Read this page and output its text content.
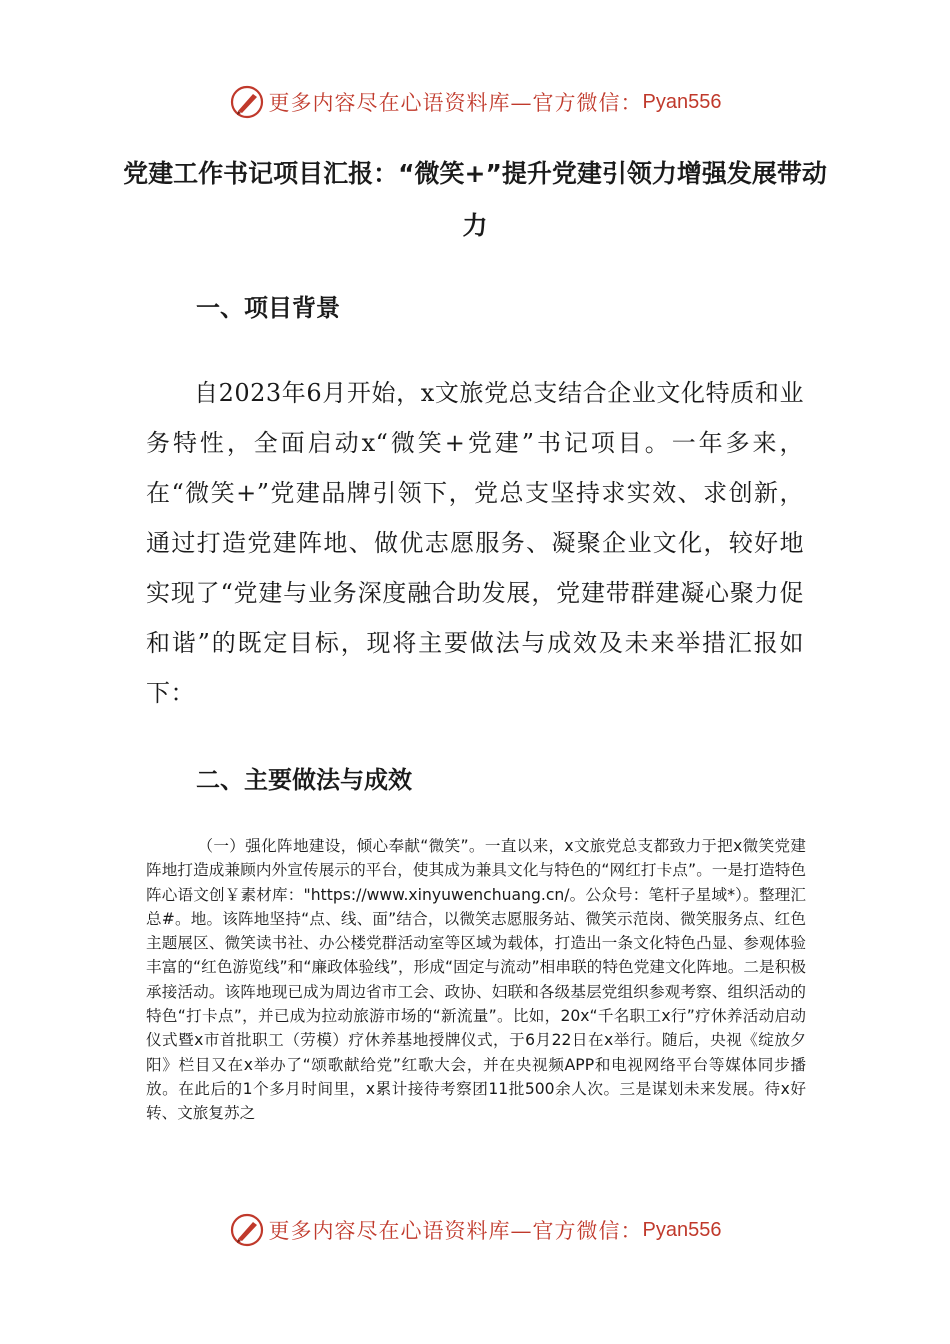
更多内容尽在心语资料库—官方微信： Pyan556
党建工作书记项目汇报：“微笑+”提升党建引领力增强发展带动力
一、项目背景

自2023年6月开始，x文旅党总支结合企业文化特质和业务特性，全面启动x“微笑+党建”书记项目。一年多来，在“微笑+”党建品牌引领下，党总支坚持求实效、求创新，通过打造党建阵地、做优志愿服务、凝聚企业文化，较好地实现了“党建与业务深度融合助发展，党建带群建凝心聚力促和谐”的既定目标，现将主要做法与成效及未来举措汇报如下：

二、主要做法与成效

（一）强化阵地建设，倾心奉献“微笑”。一直以来，x文旅党总支都致力于把x微笑党建阵地打造成兼顾内外宣传展示的平台，使其成为兼具文化与特色的“网红打卡点”。一是打造特色阵心语文创￥素材库："https://www.xinyuwenchuang.cn/。公众号：笔杆子星域*）。整理汇总#。地。该阵地坚持“点、线、面”结合，以微笑志愿服务站、微笑示范岗、微笑服务点、红色主题展区、微笑读书社、办公楼党群活动室等区域为载体，打造出一条文化特色凸显、参观体验丰富的“红色游览线”和“廉政体验线”，形成“固定与流动”相串联的特色党建文化阵地。二是积极承接活动。该阵地现已成为周边省市工会、政协、妇联和各级基层党组织参观考察、组织活动的特色“打卡点”，并已成为拉动旅游市场的“新流量”。比如，20x“千名职工x行”疗休养活动启动仪式暨x市首批职工（劳模）疗休养基地授牌仪式，于6月22日在x举行。随后，央视《绽放夕阳》栏目又在x举办了“颂歌献给党”红歌大会，并在央视频APP和电视网络平台等媒体同步播放。在此后的1个多月时间里，x累计接待考察团11批500余人次。三是谋划未来发展。待x好转、文旅复苏之

更多内容尽在心语资料库—官方微信： Pyan556
